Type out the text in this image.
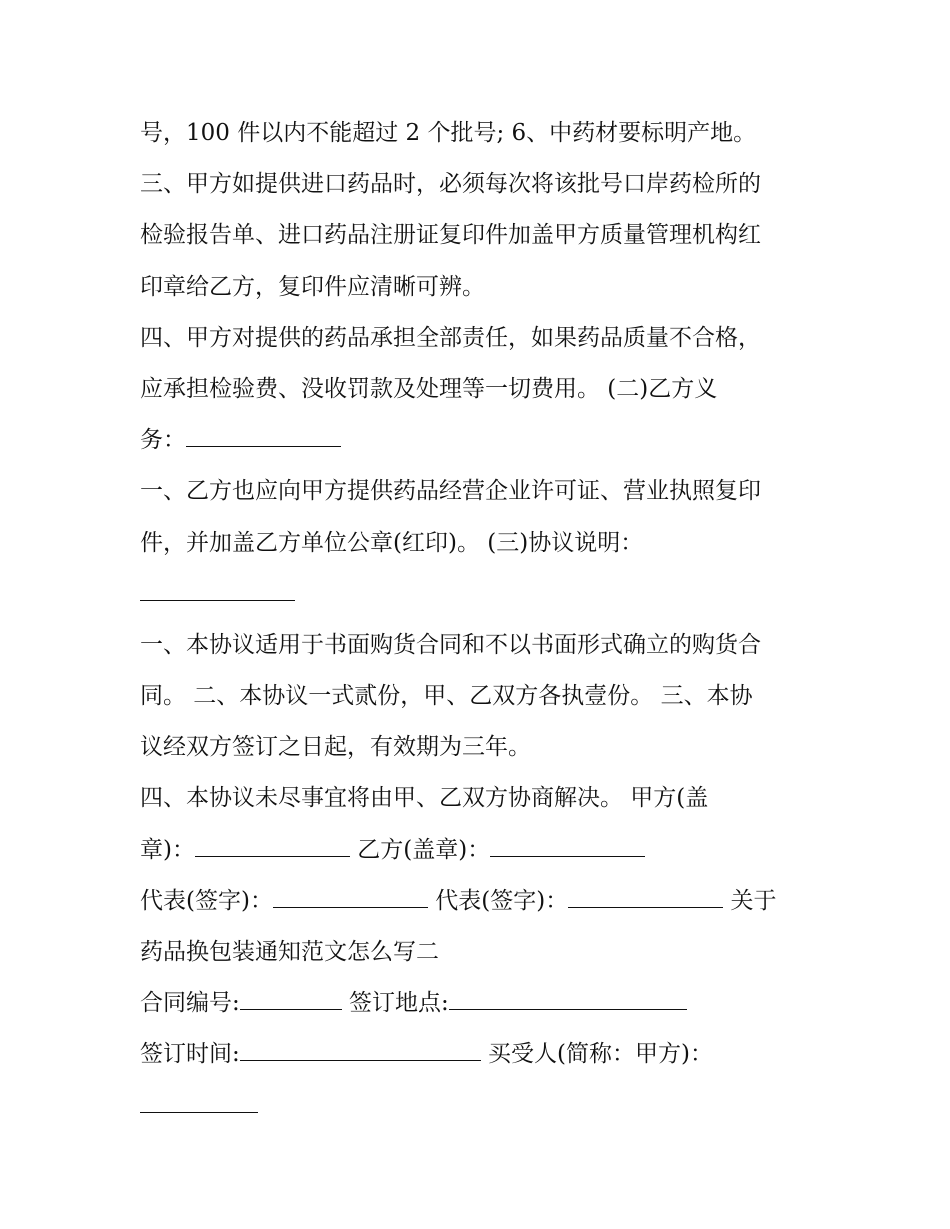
号，100 件以内不能超过 2 个批号; 6、中药材要标明产地。
三、甲方如提供进口药品时，必须每次将该批号口岸药检所的
检验报告单、进口药品注册证复印件加盖甲方质量管理机构红
印章给乙方，复印件应清晰可辨。
四、甲方对提供的药品承担全部责任，如果药品质量不合格，
应承担检验费、没收罚款及处理等一切费用。 (二)乙方义
务：
一、乙方也应向甲方提供药品经营企业许可证、营业执照复印
件，并加盖乙方单位公章(红印)。 (三)协议说明：
一、本协议适用于书面购货合同和不以书面形式确立的购货合
同。 二、本协议一式贰份，甲、乙双方各执壹份。 三、本协
议经双方签订之日起，有效期为三年。
四、本协议未尽事宜将由甲、乙双方协商解决。 甲方(盖
章)：	乙方(盖章)：
代表(签字)：	代表(签字)：	关于
药品换包装通知范文怎么写二
合同编号:	签订地点:
签订时间:	买受人(简称：甲方)：
